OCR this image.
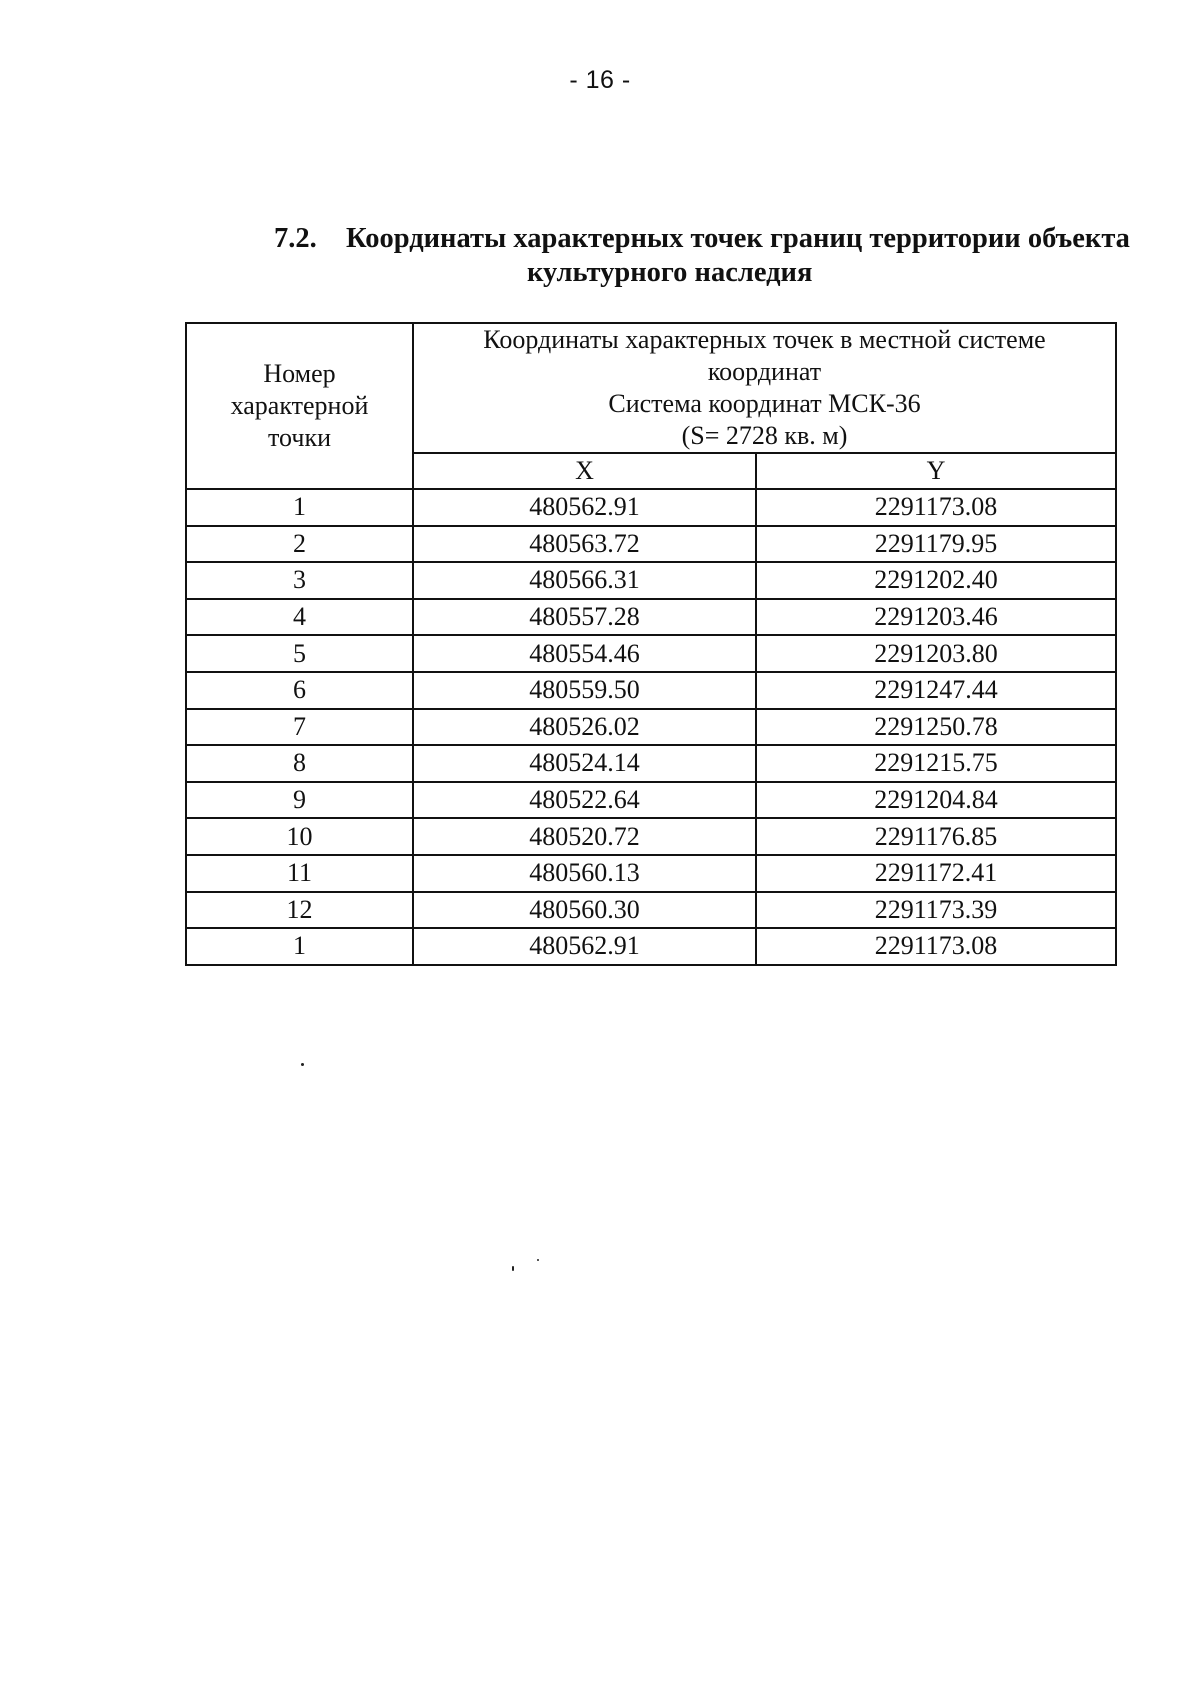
- 16 -
7.2. Координаты характерных точек границ территории объекта
культурного наследия
Номер
характерной
точки	Координаты характерных точек в местной системе
координат
Система координат МСК-36
(S= 2728 кв. м)	

	X	Y
1	480562.91	2291173.08
2	480563.72	2291179.95
3	480566.31	2291202.40
4	480557.28	2291203.46
5	480554.46	2291203.80
6	480559.50	2291247.44
7	480526.02	2291250.78
8	480524.14	2291215.75
9	480522.64	2291204.84
10	480520.72	2291176.85
11	480560.13	2291172.41
12	480560.30	2291173.39
1	480562.91	2291173.08
